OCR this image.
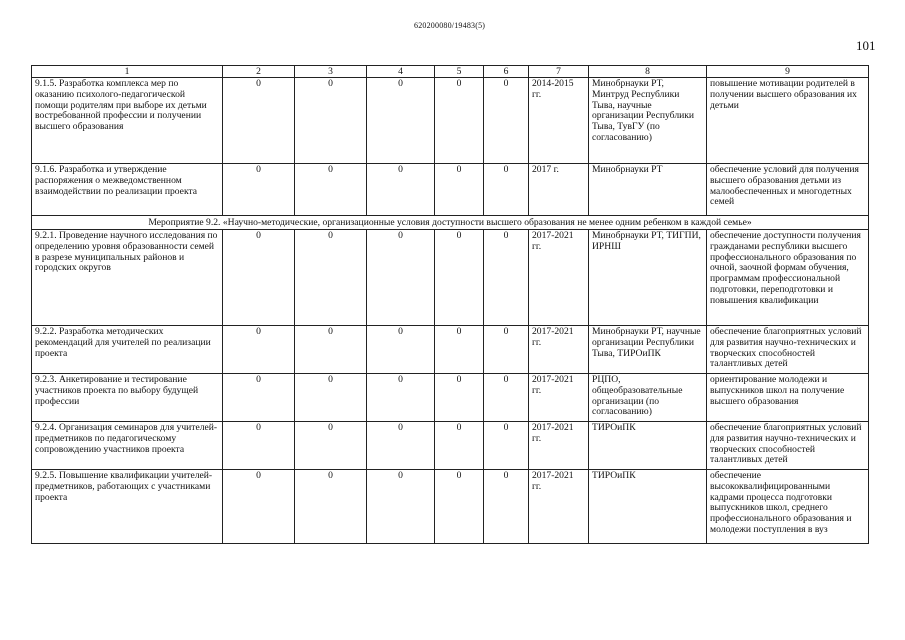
620200080/19483(5)
101
1	2	3	4	5	6	7	8	9
9.1.5. Разработка комплекса мер по оказанию психолого-педагогической помощи родителям при выборе их детьми востребованной профессии и получении высшего образования	0	0	0	0	0	2014-2015 гг.	Минобрнауки РТ, Минтруд Республики Тыва, научные организации Республики Тыва, ТувГУ (по согласованию)	повышение мотивации родителей в получении высшего образования их детьми
9.1.6. Разработка и утверждение распоряжения о межведомственном взаимодействии по реализации проекта	0	0	0	0	0	2017 г.	Минобрнауки РТ	обеспечение условий для получения высшего образования детьми из малообеспеченных и многодетных семей
Мероприятие 9.2. «Научно-методические, организационные условия доступности высшего образования не менее одним ребенком в каждой семье»								
9.2.1. Проведение научного исследования по определению уровня образованности семей в разрезе муниципальных районов и городских округов	0	0	0	0	0	2017-2021 гг.	Минобрнауки РТ, ТИГПИ, ИРНШ	обеспечение доступности получения гражданами республики высшего профессионального образования по очной, заочной формам обучения, программам профессиональной подготовки, переподготовки и повышения квалификации
9.2.2. Разработка методических рекомендаций для учителей по реализации проекта	0	0	0	0	0	2017-2021 гг.	Минобрнауки РТ, научные организации Республики Тыва, ТИРОиПК	обеспечение благоприятных условий для развития научно-технических и творческих способностей талантливых детей
9.2.3. Анкетирование и тестирование участников проекта по выбору будущей профессии	0	0	0	0	0	2017-2021 гг.	РЦПО, общеобразовательные организации (по согласованию)	ориентирование молодежи и выпускников школ на получение высшего образования
9.2.4. Организация семинаров для учителей-предметников по педагогическому сопровождению участников проекта	0	0	0	0	0	2017-2021 гг.	ТИРОиПК	обеспечение благоприятных условий для развития научно-технических и творческих способностей талантливых детей
9.2.5. Повышение квалификации учителей-предметников, работающих с участниками проекта	0	0	0	0	0	2017-2021 гг.	ТИРОиПК	обеспечение высококвалифицированными кадрами процесса подготовки выпускников школ, среднего профессионального образования и молодежи поступления в вуз
